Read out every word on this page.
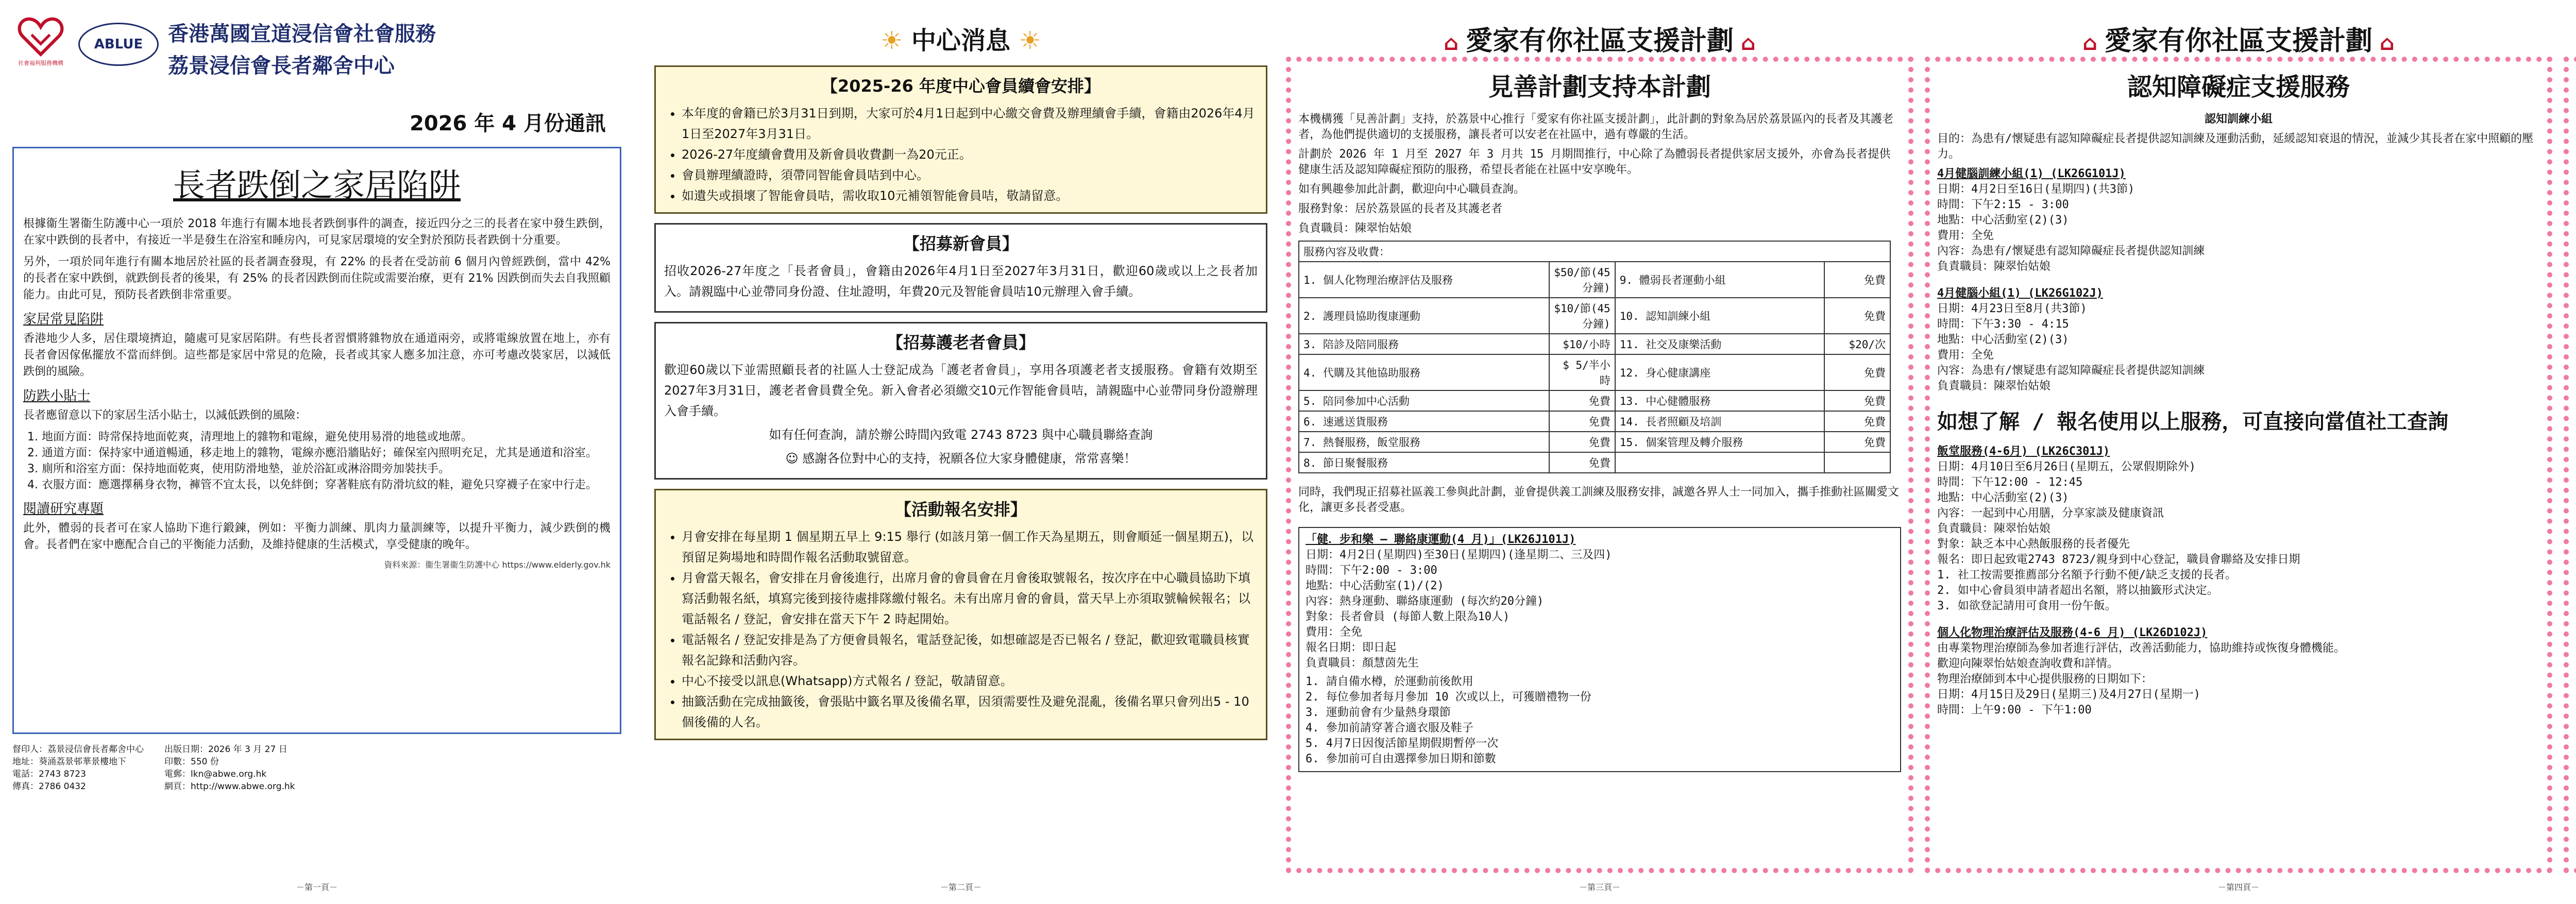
社會福利服務機構
ABLUE	香港萬國宣道浸信會社會服務
荔景浸信會長者鄰舍中心
2026 年 4 月份通訊
長者跌倒之家居陷阱

根據衞生署衞生防護中心一項於 2018 年進行有關本地長者跌倒事件的調查，接近四分之三的長者在家中發生跌倒，在家中跌倒的長者中，有接近一半是發生在浴室和睡房內，可見家居環境的安全對於預防長者跌倒十分重要。

另外，一項於同年進行有關本地居於社區的長者調查發現，有 22% 的長者在受訪前 6 個月內曾經跌倒，當中 42% 的長者在家中跌倒，就跌倒長者的後果，有 25% 的長者因跌倒而住院或需要治療，更有 21% 因跌倒而失去自我照顧能力。由此可見，預防長者跌倒非常重要。

家居常見陷阱

香港地少人多，居住環境擠迫，隨處可見家居陷阱。有些長者習慣將雜物放在通道兩旁，或將電線放置在地上，亦有長者會因傢俬擺放不當而絆倒。這些都是家居中常見的危險，長者或其家人應多加注意，亦可考慮改裝家居，以減低跌倒的風險。

防跌小貼士

長者應留意以下的家居生活小貼士，以減低跌倒的風險：

1. 地面方面：時常保持地面乾爽，清理地上的雜物和電線，避免使用易滑的地毯或地蓆。
2. 通道方面：保持家中通道暢通，移走地上的雜物，電線亦應沿牆貼好；確保室內照明充足，尤其是通道和浴室。
3. 廁所和浴室方面：保持地面乾爽，使用防滑地墊，並於浴缸或淋浴間旁加裝扶手。
4. 衣服方面：應選擇稱身衣物，褲管不宜太長，以免絆倒；穿著鞋底有防滑坑紋的鞋，避免只穿襪子在家中行走。
閱讀研究專題

此外，體弱的長者可在家人協助下進行鍛鍊，例如：平衡力訓練、肌肉力量訓練等，以提升平衡力，減少跌倒的機會。長者們在家中應配合自己的平衡能力活動，及維持健康的生活模式，享受健康的晚年。

資料來源：衞生署衞生防護中心 https://www.elderly.gov.hk
督印人：荔景浸信會長者鄰舍中心
地址：葵涌荔景邨華景樓地下
電話：2743 8723
傳真：2786 0432
出版日期：2026 年 3 月 27 日
印數：550 份
電郵：lkn@abwe.org.hk
網頁：http://www.abwe.org.hk
－第一頁－
☀ 中心消息 ☀
【2025-26 年度中心會員續會安排】
• 本年度的會籍已於3月31日到期，大家可於4月1日起到中心繳交會費及辦理續會手續，會籍由2026年4月1日至2027年3月31日。
• 2026-27年度續會費用及新會員收費劃一為20元正。
• 會員辦理續證時，須帶同智能會員咭到中心。
• 如遺失或損壞了智能會員咭，需收取10元補領智能會員咭，敬請留意。
【招募新會員】

招收2026-27年度之「長者會員」，會籍由2026年4月1日至2027年3月31日，歡迎60歲或以上之長者加入。請親臨中心並帶同身份證、住址證明，年費20元及智能會員咭10元辦理入會手續。

【招募護老者會員】

歡迎60歲以下並需照顧長者的社區人士登記成為「護老者會員」，享用各項護老者支援服務。會籍有效期至2027年3月31日，護老者會員費全免。新入會者必須繳交10元作智能會員咭，請親臨中心並帶同身份證辦理入會手續。

如有任何查詢，請於辦公時間內致電 2743 8723 與中心職員聯絡查詢

☺ 感謝各位對中心的支持，祝願各位大家身體健康，常常喜樂！

【活動報名安排】
• 月會安排在每星期 1 個星期五早上 9:15 舉行 (如該月第一個工作天為星期五，則會順延一個星期五)，以預留足夠場地和時間作報名活動取號留意。
• 月會當天報名，會安排在月會後進行，出席月會的會員會在月會後取號報名，按次序在中心職員協助下填寫活動報名紙，填寫完後到接待處排隊繳付報名。未有出席月會的會員，當天早上亦須取號輪候報名；以電話報名 / 登記，會安排在當天下午 2 時起開始。
• 電話報名 / 登記安排是為了方便會員報名，電話登記後，如想確認是否已報名 / 登記，歡迎致電職員核實報名記錄和活動內容。
• 中心不接受以訊息(Whatsapp)方式報名 / 登記，敬請留意。
• 抽籤活動在完成抽籤後，會張貼中籤名單及後備名單，因須需要性及避免混亂，後備名單只會列出5 - 10 個後備的人名。
－第二頁－
⌂ 愛家有你社區支援計劃 ⌂
見善計劃支持本計劃

本機構獲「見善計劃」支持，於荔景中心推行「愛家有你社區支援計劃」，此計劃的對象為居於荔景區內的長者及其護老者，為他們提供適切的支援服務，讓長者可以安老在社區中，過有尊嚴的生活。

計劃於 2026 年 1 月至 2027 年 3 月共 15 月期間推行，中心除了為體弱長者提供家居支援外，亦會為長者提供健康生活及認知障礙症預防的服務，希望長者能在社區中安享晚年。

如有興趣參加此計劃，歡迎向中心職員查詢。

服務對象：居於荔景區的長者及其護老者

負責職員：陳翠怡姑娘

服務內容及收費：			
1. 個人化物理治療評估及服務	$50/節(45分鐘)	9. 體弱長者運動小組	免費
2. 護理員協助復康運動	$10/節(45分鐘)	10. 認知訓練小組	免費
3. 陪診及陪同服務	$10/小時	11. 社交及康樂活動	$20/次
4. 代購及其他協助服務	$ 5/半小時	12. 身心健康講座	免費
5. 陪同參加中心活動	免費	13. 中心健體服務	免費
6. 速遞送貨服務	免費	14. 長者照顧及培訓	免費
7. 熱餐服務，飯堂服務	免費	15. 個案管理及轉介服務	免費
8. 節日聚餐服務	免費		

同時，我們現正招募社區義工參與此計劃，並會提供義工訓練及服務安排，誠邀各界人士一同加入，攜手推動社區關愛文化，讓更多長者受惠。

「健．步和樂 – 聯絡康運動(4 月)」(LK26J101J)
日期：4月2日(星期四)至30日(星期四)(逢星期二、三及四)
時間：下午2:00 - 3:00
地點：中心活動室(1)/(2)
內容：熱身運動、聯絡康運動 (每次約20分鐘)
對象：長者會員 (每節人數上限為10人)
費用：全免
報名日期：即日起
負責職員：顏慧茵先生
1. 請自備水樽，於運動前後飲用
2. 每位參加者每月參加 10 次或以上，可獲贈禮物一份
3. 運動前會有少量熱身環節
4. 參加前請穿著合適衣服及鞋子
5. 4月7日因復活節星期假期暫停一次
6. 參加前可自由選擇參加日期和節數
－第三頁－
⌂ 愛家有你社區支援計劃 ⌂
認知障礙症支援服務

認知訓練小組

目的：為患有/懷疑患有認知障礙症長者提供認知訓練及運動活動，延緩認知衰退的情況，並減少其長者在家中照顧的壓力。

4月健腦訓練小組(1) (LK26G101J)
日期：4月2日至16日(星期四)(共3節)
時間：下午2:15 - 3:00
地點：中心活動室(2)(3)
費用：全免
內容：為患有/懷疑患有認知障礙症長者提供認知訓練
負責職員：陳翠怡姑娘
4月健腦小組(1) (LK26G102J)
日期：4月23日至8月(共3節)
時間：下午3:30 - 4:15
地點：中心活動室(2)(3)
費用：全免
內容：為患有/懷疑患有認知障礙症長者提供認知訓練
負責職員：陳翠怡姑娘
如想了解 / 報名使用以上服務，可直接向當值社工查詢
飯堂服務(4-6月) (LK26C301J)
日期：4月10日至6月26日(星期五，公眾假期除外)
時間：下午12:00 - 12:45
地點：中心活動室(2)(3)
內容：一起到中心用膳，分享家談及健康資訊
負責職員：陳翠怡姑娘
對象：缺乏本中心熱飯服務的長者優先
報名：即日起致電2743 8723/親身到中心登記，職員會聯絡及安排日期
1. 社工按需要推薦部分名額予行動不便/缺乏支援的長者。
2. 如中心會員須申請者超出名額，將以抽籤形式決定。
3. 如欲登記請用可食用一份午飯。
個人化物理治療評估及服務(4-6 月) (LK26D102J)
由專業物理治療師為參加者進行評估，改善活動能力，協助維持或恢復身體機能。
歡迎向陳翠怡姑娘查詢收費和詳情。
物理治療師到本中心提供服務的日期如下：
日期：4月15日及29日(星期三)及4月27日(星期一)
時間：上午9:00 - 下午1:00
－第四頁－
